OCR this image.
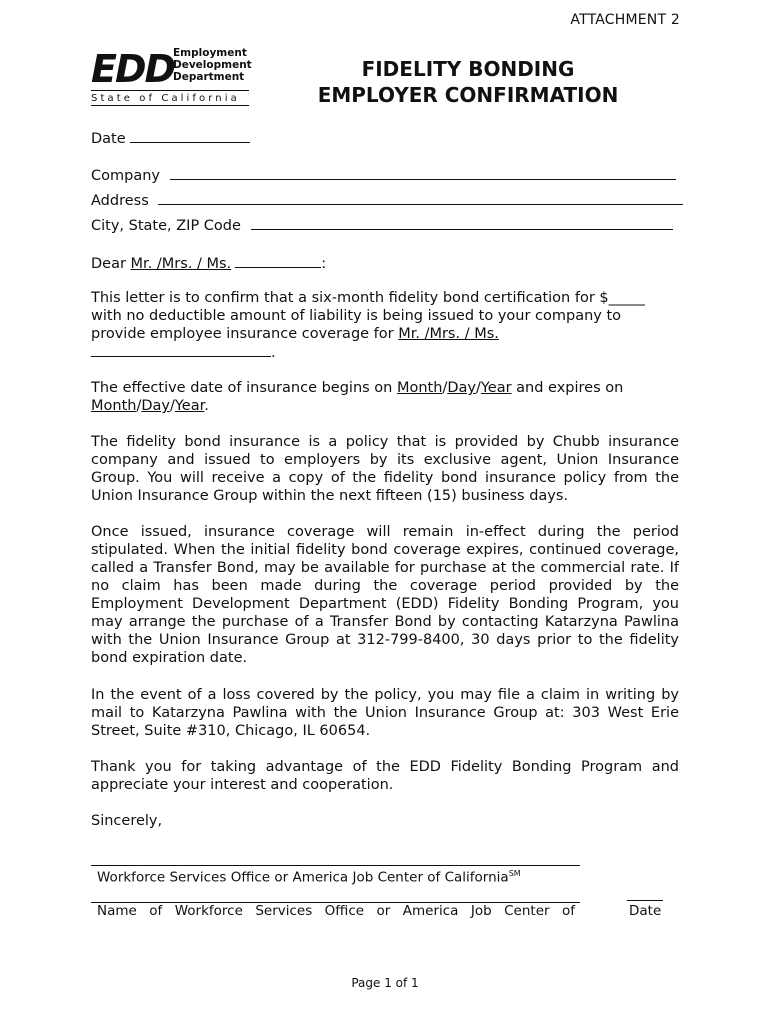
ATTACHMENT 2
EDD
Employment
Development
Department
State of California
FIDELITY BONDING
EMPLOYER CONFIRMATION
Date
Company
Address
City, State, ZIP Code
Dear Mr. /Mrs. / Ms.	:
This letter is to confirm that a six-month fidelity bond certification for $_____ with no deductible amount of liability is being issued to your company to provide employee insurance coverage for Mr. /Mrs. / Ms.
.
The effective date of insurance begins on Month/Day/Year and expires on
Month/Day/Year.
The fidelity bond insurance is a policy that is provided by Chubb insurance company and issued to employers by its exclusive agent, Union Insurance Group. You will receive a copy of the fidelity bond insurance policy from the Union Insurance Group within the next fifteen (15) business days.
Once issued, insurance coverage will remain in-effect during the period stipulated. When the initial fidelity bond coverage expires, continued coverage, called a Transfer Bond, may be available for purchase at the commercial rate. If no claim has been made during the coverage period provided by the Employment Development Department (EDD) Fidelity Bonding Program, you may arrange the purchase of a Transfer Bond by contacting Katarzyna Pawlina with the Union Insurance Group at 312-799-8400, 30 days prior to the fidelity bond expiration date.
In the event of a loss covered by the policy, you may file a claim in writing by mail to Katarzyna Pawlina with the Union Insurance Group at: 303 West Erie Street, Suite #310, Chicago, IL 60654.
Thank you for taking advantage of the EDD Fidelity Bonding Program and appreciate your interest and cooperation.
Sincerely,
Workforce Services Office or America Job Center of California℠
Name of Workforce Services Office or America Job Center of	Date
Page 1 of 1
